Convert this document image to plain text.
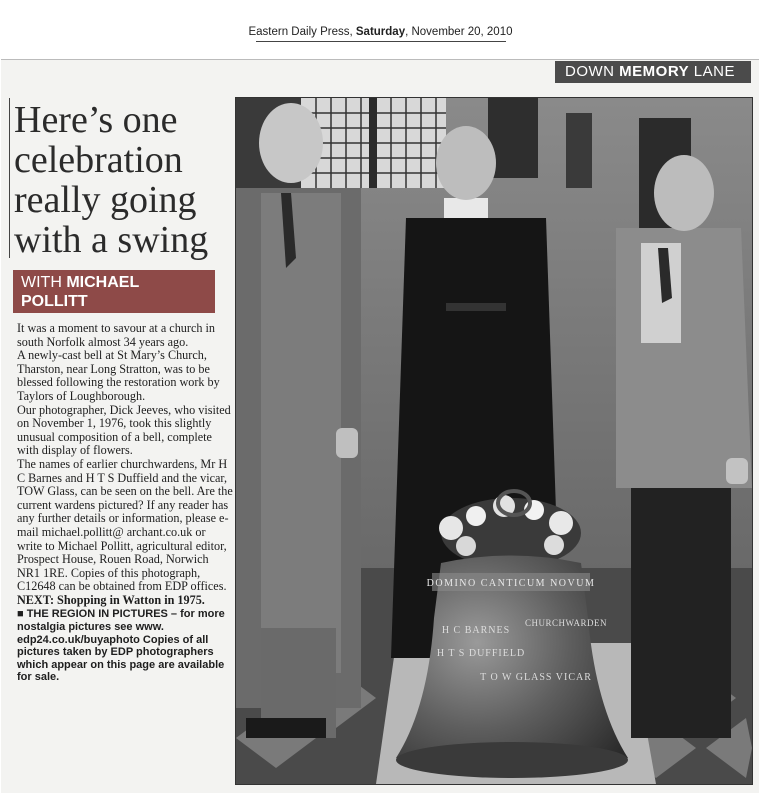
Eastern Daily Press, Saturday, November 20, 2010
DOWN MEMORY LANE
Here’s one celebration really going with a swing
WITH MICHAEL
POLLITT

It was a moment to savour at a church in south Norfolk almost 34 years ago.

A newly-cast bell at St Mary’s Church, Tharston, near Long Stratton, was to be blessed following the restoration work by Taylors of Loughborough.

Our photographer, Dick Jeeves, who visited on November 1, 1976, took this slightly unusual composition of a bell, complete with display of flowers.

The names of earlier churchwardens, Mr H C Barnes and H T S Duffield and the vicar, TOW Glass, can be seen on the bell. Are the current wardens pictured? If any reader has any further details or information, please e-mail michael.pollitt@ archant.co.uk or write to Michael Pollitt, agricultural editor, Prospect House, Rouen Road, Norwich NR1 1RE. Copies of this photograph, C12648 can be obtained from EDP offices.

NEXT: Shopping in Watton in 1975.

■ THE REGION IN PICTURES – for more nostalgia pictures see www. edp24.co.uk/buyaphoto Copies of all pictures taken by EDP photographers which appear on this page are available for sale.

DOMINO CANTICUM NOVUM
H C BARNES
CHURCHWARDEN
H T S DUFFIELD
T O W GLASS VICAR
